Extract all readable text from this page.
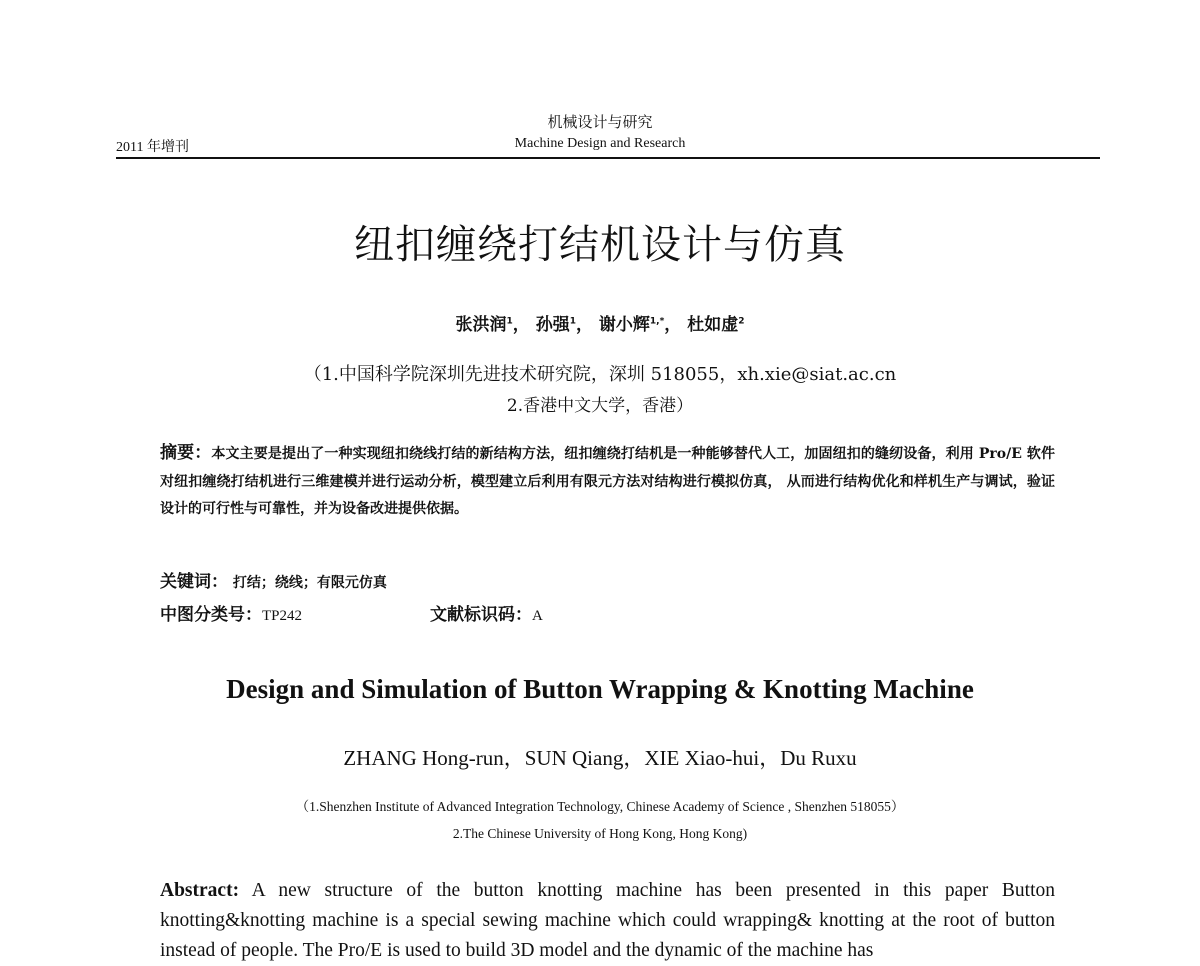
机械设计与研究
2011 年增刊	Machine Design and Research
纽扣缠绕打结机设计与仿真
张洪润$^1$， 孙强$^1$， 谢小辉$^{1,*}$， 杜如虚$^2$
（1.中国科学院深圳先进技术研究院，深圳 518055，xh.xie@siat.ac.cn
2.香港中文大学，香港）
摘要：本文主要是提出了一种实现纽扣绕线打结的新结构方法，纽扣缠绕打结机是一种能够替代人工，加固纽扣的缝纫设备，利用 Pro/E 软件对纽扣缠绕打结机进行三维建模并进行运动分析，模型建立后利用有限元方法对结构进行模拟仿真， 从而进行结构优化和样机生产与调试，验证设计的可行性与可靠性，并为设备改进提供依据。
关键词： 打结；绕线；有限元仿真
中图分类号：TP242	文献标识码：A
Design and Simulation of Button Wrapping & Knotting Machine
ZHANG Hong-run，SUN Qiang，XIE Xiao-hui，Du Ruxu
（1.Shenzhen Institute of Advanced Integration Technology, Chinese Academy of Science , Shenzhen 518055）
2.The Chinese University of Hong Kong, Hong Kong)
Abstract: A new structure of the button knotting machine has been presented in this paper Button knotting&knotting machine is a special sewing machine which could wrapping& knotting at the root of button instead of people. The Pro/E is used to build 3D model and the dynamic of the machine has
